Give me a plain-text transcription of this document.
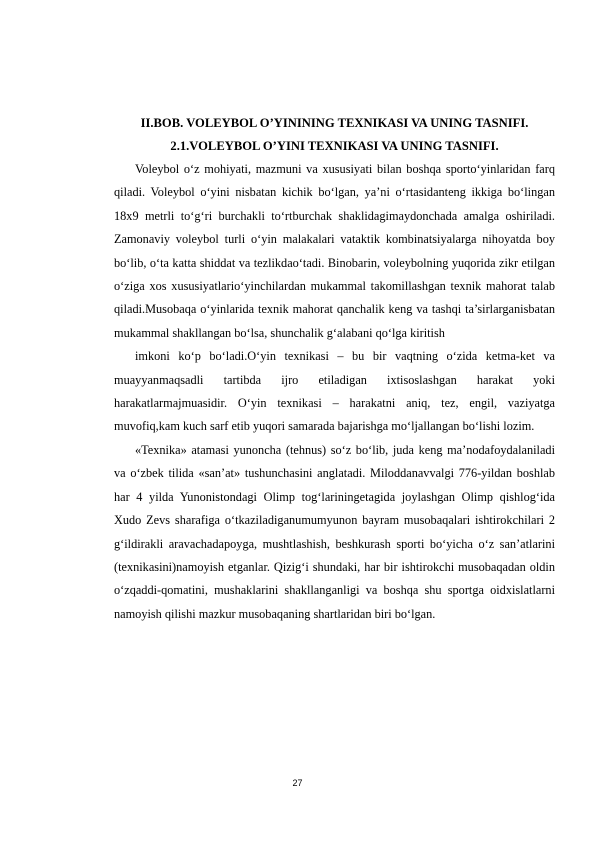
II.BOB. VOLEYBOL O’YININING TEXNIKASI VA UNING TASNIFI.
2.1.VOLEYBOL O’YINI TEXNIKASI VA UNING TASNIFI.

Voleybol o‘z mohiyati, mazmuni va xususiyati bilan boshqa sporto‘yinlaridan farq qiladi. Voleybol o‘yini nisbatan kichik bo‘lgan, ya’ni o‘rtasidanteng ikkiga bo‘lingan 18x9 metrli to‘g‘ri burchakli to‘rtburchak shaklidagimaydonchada amalga oshiriladi. Zamonaviy voleybol turli o‘yin malakalari vataktik kombinatsiyalarga nihoyatda boy bo‘lib, o‘ta katta shiddat va tezlikdao‘tadi. Binobarin, voleybolning yuqorida zikr etilgan o‘ziga xos xususiyatlario‘yinchilardan mukammal takomillashgan texnik mahorat talab qiladi.Musobaqa o‘yinlarida texnik mahorat qanchalik keng va tashqi ta’sirlarganisbatan mukammal shakllangan bo‘lsa, shunchalik g‘alabani qo‘lga kiritish

imkoni ko‘p bo‘ladi.O‘yin texnikasi – bu bir vaqtning o‘zida ketma-ket va muayyanmaqsadli tartibda ijro etiladigan ixtisoslashgan harakat yoki harakatlarmajmuasidir. O‘yin texnikasi – harakatni aniq, tez, engil, vaziyatga muvofiq,kam kuch sarf etib yuqori samarada bajarishga mo‘ljallangan bo‘lishi lozim.

«Texnika» atamasi yunoncha (tehnus) so‘z bo‘lib, juda keng ma’nodafoydalaniladi va o‘zbek tilida «san’at» tushunchasini anglatadi. Miloddanavvalgi 776-yildan boshlab har 4 yilda Yunonistondagi Olimp tog‘lariningetagida joylashgan Olimp qishlog‘ida Xudo Zevs sharafiga o‘tkaziladiganumumyunon bayram musobaqalari ishtirokchilari 2 g‘ildirakli aravachadapoyga, mushtlashish, beshkurash sporti bo‘yicha o‘z san’atlarini (texnikasini)namoyish etganlar. Qizig‘i shundaki, har bir ishtirokchi musobaqadan oldin o‘zqaddi-qomatini, mushaklarini shakllanganligi va boshqa shu sportga oidxislatlarni namoyish qilishi mazkur musobaqaning shartlaridan biri bo‘lgan.

27
